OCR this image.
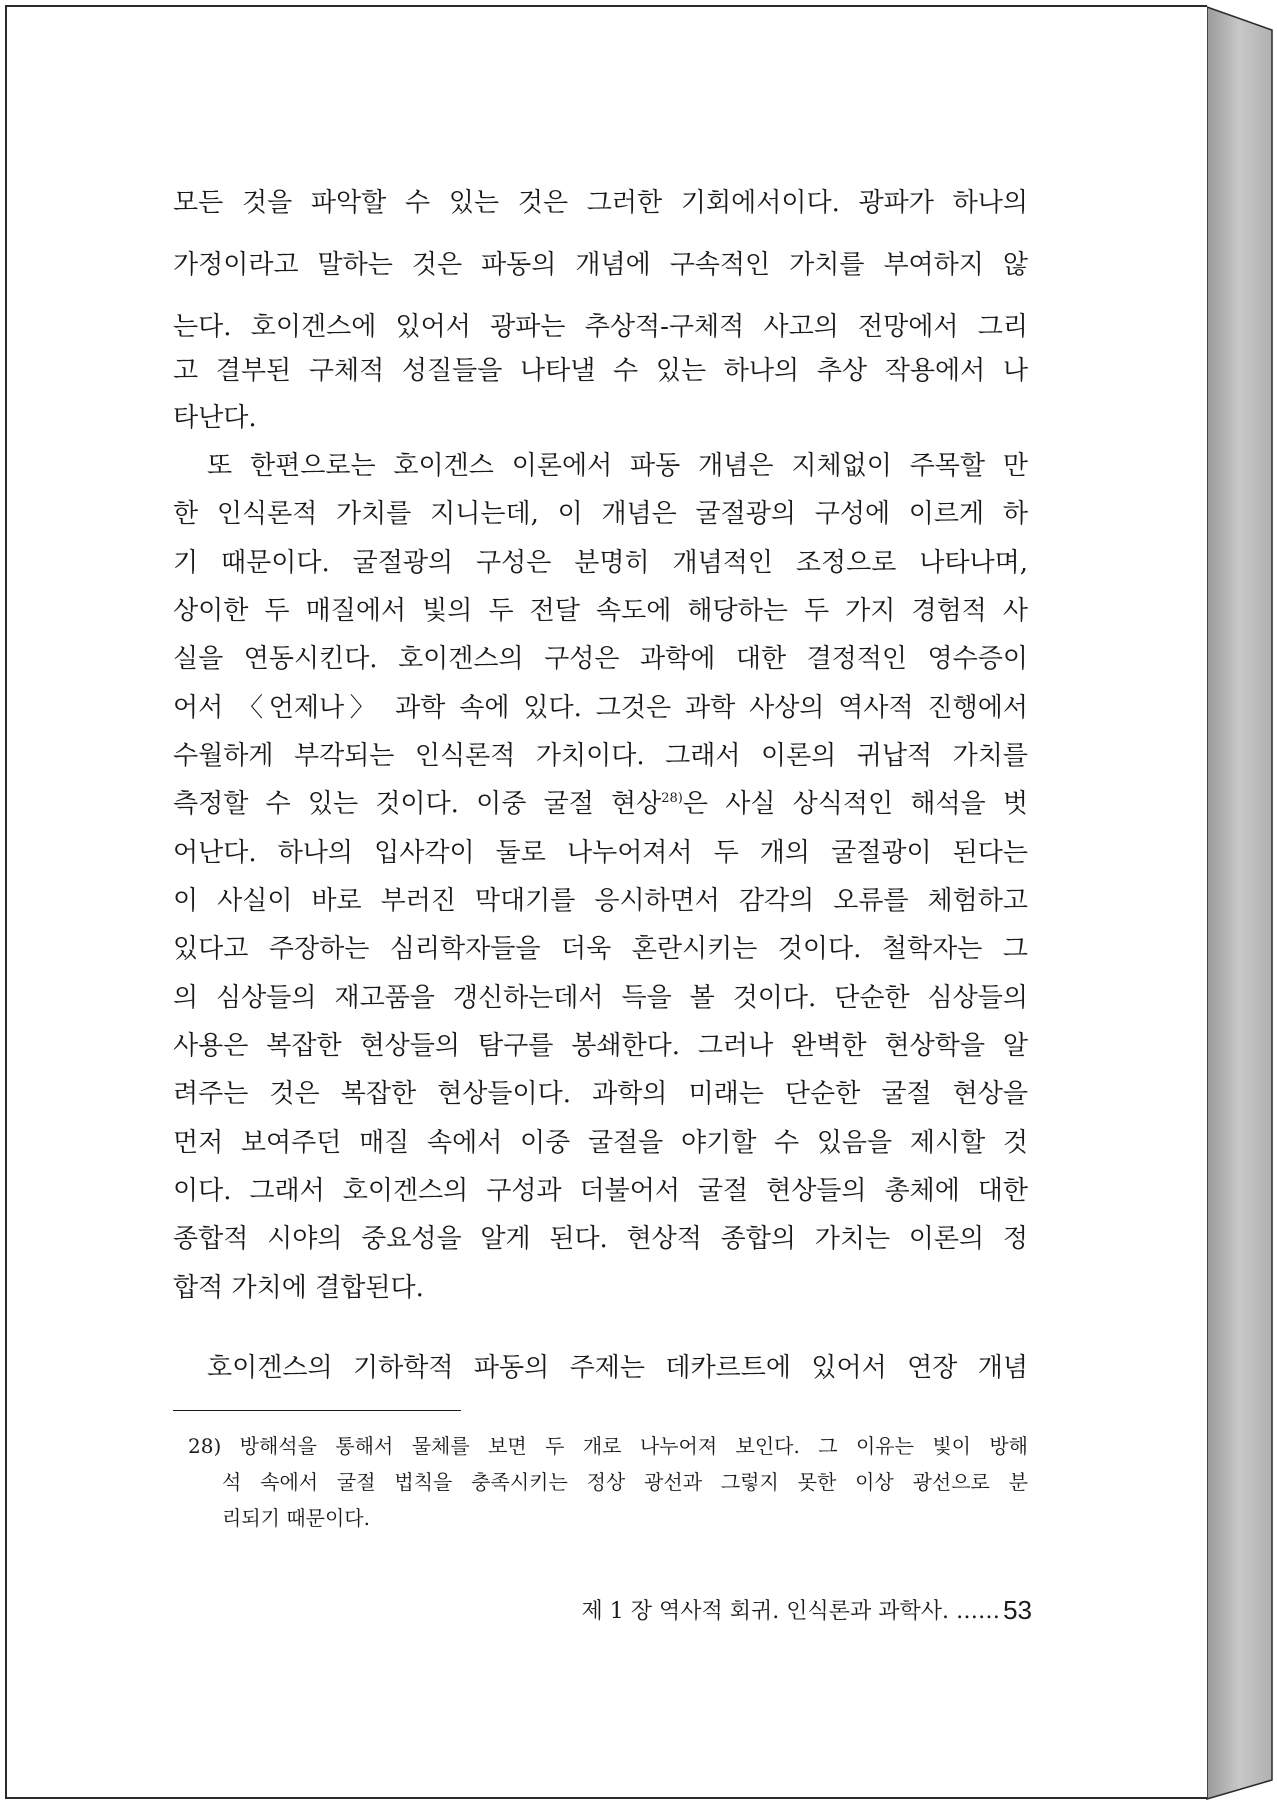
모든 것을 파악할 수 있는 것은 그러한 기회에서이다. 광파가 하나의
가정이라고 말하는 것은 파동의 개념에 구속적인 가치를 부여하지 않
는다. 호이겐스에 있어서 광파는 추상적-구체적 사고의 전망에서 그리
고 결부된 구체적 성질들을 나타낼 수 있는 하나의 추상 작용에서 나
타난다.
또 한편으로는 호이겐스 이론에서 파동 개념은 지체없이 주목할 만
한 인식론적 가치를 지니는데, 이 개념은 굴절광의 구성에 이르게 하
기 때문이다. 굴절광의 구성은 분명히 개념적인 조정으로 나타나며,
상이한 두 매질에서 빛의 두 전달 속도에 해당하는 두 가지 경험적 사
실을 연동시킨다. 호이겐스의 구성은 과학에 대한 결정적인 영수증이
어서 〈언제나〉 과학 속에 있다. 그것은 과학 사상의 역사적 진행에서
수월하게 부각되는 인식론적 가치이다. 그래서 이론의 귀납적 가치를
측정할 수 있는 것이다. 이중 굴절 현상$^{28)}$은 사실 상식적인 해석을 벗
어난다. 하나의 입사각이 둘로 나누어져서 두 개의 굴절광이 된다는
이 사실이 바로 부러진 막대기를 응시하면서 감각의 오류를 체험하고
있다고 주장하는 심리학자들을 더욱 혼란시키는 것이다. 철학자는 그
의 심상들의 재고품을 갱신하는데서 득을 볼 것이다. 단순한 심상들의
사용은 복잡한 현상들의 탐구를 봉쇄한다. 그러나 완벽한 현상학을 알
려주는 것은 복잡한 현상들이다. 과학의 미래는 단순한 굴절 현상을
먼저 보여주던 매질 속에서 이중 굴절을 야기할 수 있음을 제시할 것
이다. 그래서 호이겐스의 구성과 더불어서 굴절 현상들의 총체에 대한
종합적 시야의 중요성을 알게 된다. 현상적 종합의 가치는 이론의 정
합적 가치에 결합된다.
호이겐스의 기하학적 파동의 주제는 데카르트에 있어서 연장 개념
28) 방해석을 통해서 물체를 보면 두 개로 나누어져 보인다. 그 이유는 빛이 방해
석 속에서 굴절 법칙을 충족시키는 정상 광선과 그렇지 못한 이상 광선으로 분
리되기 때문이다.
제 1 장 역사적 회귀. 인식론과 과학사. …… 53
